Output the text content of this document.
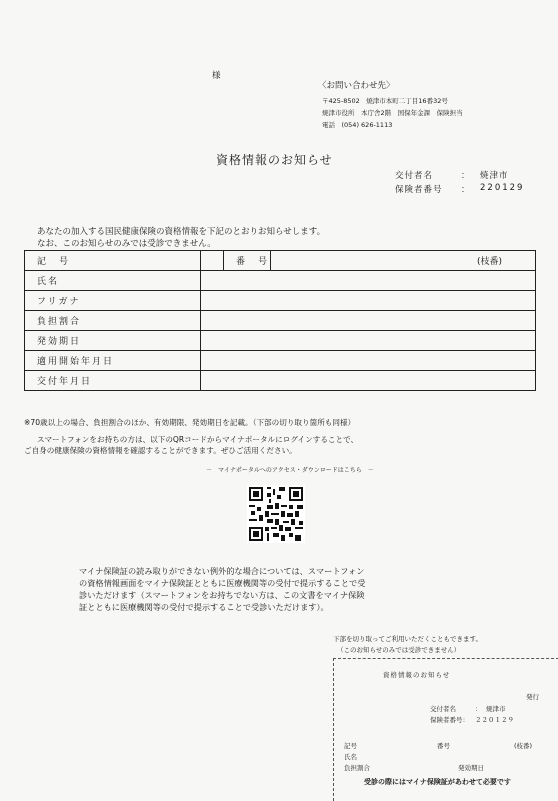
様
〈お問い合わせ先〉
〒425-8502　焼津市本町二丁目16番32号
焼津市役所　本庁舎2階　国保年金課　保険担当
電話　(054) 626-1113
資格情報のお知らせ
交付者名	： 焼津市
保険者番号 ： 220129
あなたの加入する国民健康保険の資格情報を下記のとおりお知らせします。
なお、このお知らせのみでは受診できません。
記　号		番　号		(枝番)
氏名				
フリガナ				
負担割合				
発効期日				
適用開始年月日				
交付年月日				
※70歳以上の場合、負担割合のほか、有効期限、発効期日を記載。（下部の切り取り箇所も同様）
スマートフォンをお持ちの方は、以下のQRコードからマイナポータルにログインすることで、
ご自身の健康保険の資格情報を確認することができます。ぜひご活用ください。
－　マイナポータルへのアクセス・ダウンロードはこちら　－
マイナ保険証の読み取りができない例外的な場合については、スマートフォン
の資格情報画面をマイナ保険証とともに医療機関等の受付で提示することで受
診いただけます（スマートフォンをお持ちでない方は、この文書をマイナ保険
証とともに医療機関等の受付で提示することで受診いただけます）。
下部を切り取ってご利用いただくこともできます。
（このお知らせのみでは受診できません）
資格情報のお知らせ
発行
交付者名	： 焼津市
保険者番号： ２２０１２９
記号	番号	(枝番)
氏名
負担割合	発効期日
受診の際にはマイナ保険証があわせて必要です
